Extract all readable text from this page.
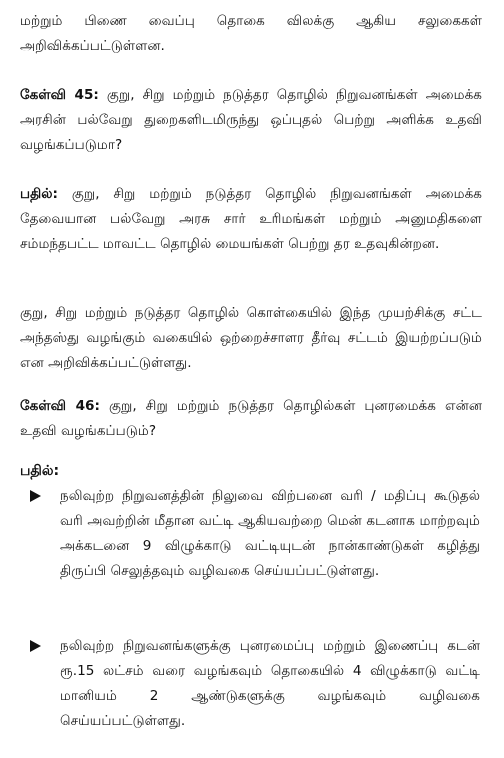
மற்றும் பிணை வைப்பு தொகை விலக்கு ஆகிய சலுகைகள் அறிவிக்கப்பட்டுள்ளன.

கேள்வி 45: குறு, சிறு மற்றும் நடுத்தர தொழில் நிறுவனங்கள் அமைக்க அரசின் பல்வேறு துறைகளிடமிருந்து ஒப்புதல் பெற்று அளிக்க உதவி வழங்கப்படுமா?

பதில்: குறு, சிறு மற்றும் நடுத்தர தொழில் நிறுவனங்கள் அமைக்க தேவையான பல்வேறு அரசு சார் உரிமங்கள் மற்றும் அனுமதிகளை சம்மந்தபட்ட மாவட்ட தொழில் மையங்கள் பெற்று தர உதவுகின்றன.

குறு, சிறு மற்றும் நடுத்தர தொழில் கொள்கையில் இந்த முயற்சிக்கு சட்ட அந்தஸ்து வழங்கும் வகையில் ஒற்றைச்சாளர தீர்வு சட்டம் இயற்றப்படும் என அறிவிக்கப்பட்டுள்ளது.

கேள்வி 46: குறு, சிறு மற்றும் நடுத்தர தொழில்கள் புனரமைக்க என்ன உதவி வழங்கப்படும்?

பதில்:

நலிவுற்ற நிறுவனத்தின் நிலுவை விற்பனை வரி / மதிப்பு கூடுதல் வரி அவற்றின் மீதான வட்டி ஆகியவற்றை மென் கடனாக மாற்றவும் அக்கடனை 9 விழுக்காடு வட்டியுடன் நான்காண்டுகள் கழித்து திருப்பி செலுத்தவும் வழிவகை செய்யப்பட்டுள்ளது.

நலிவுற்ற நிறுவனங்களுக்கு புனரமைப்பு மற்றும் இணைப்பு கடன் ரூ.15 லட்சம் வரை வழங்கவும் தொகையில் 4 விழுக்காடு வட்டி மானியம் 2 ஆண்டுகளுக்கு வழங்கவும் வழிவகை செய்யப்பட்டுள்ளது.
